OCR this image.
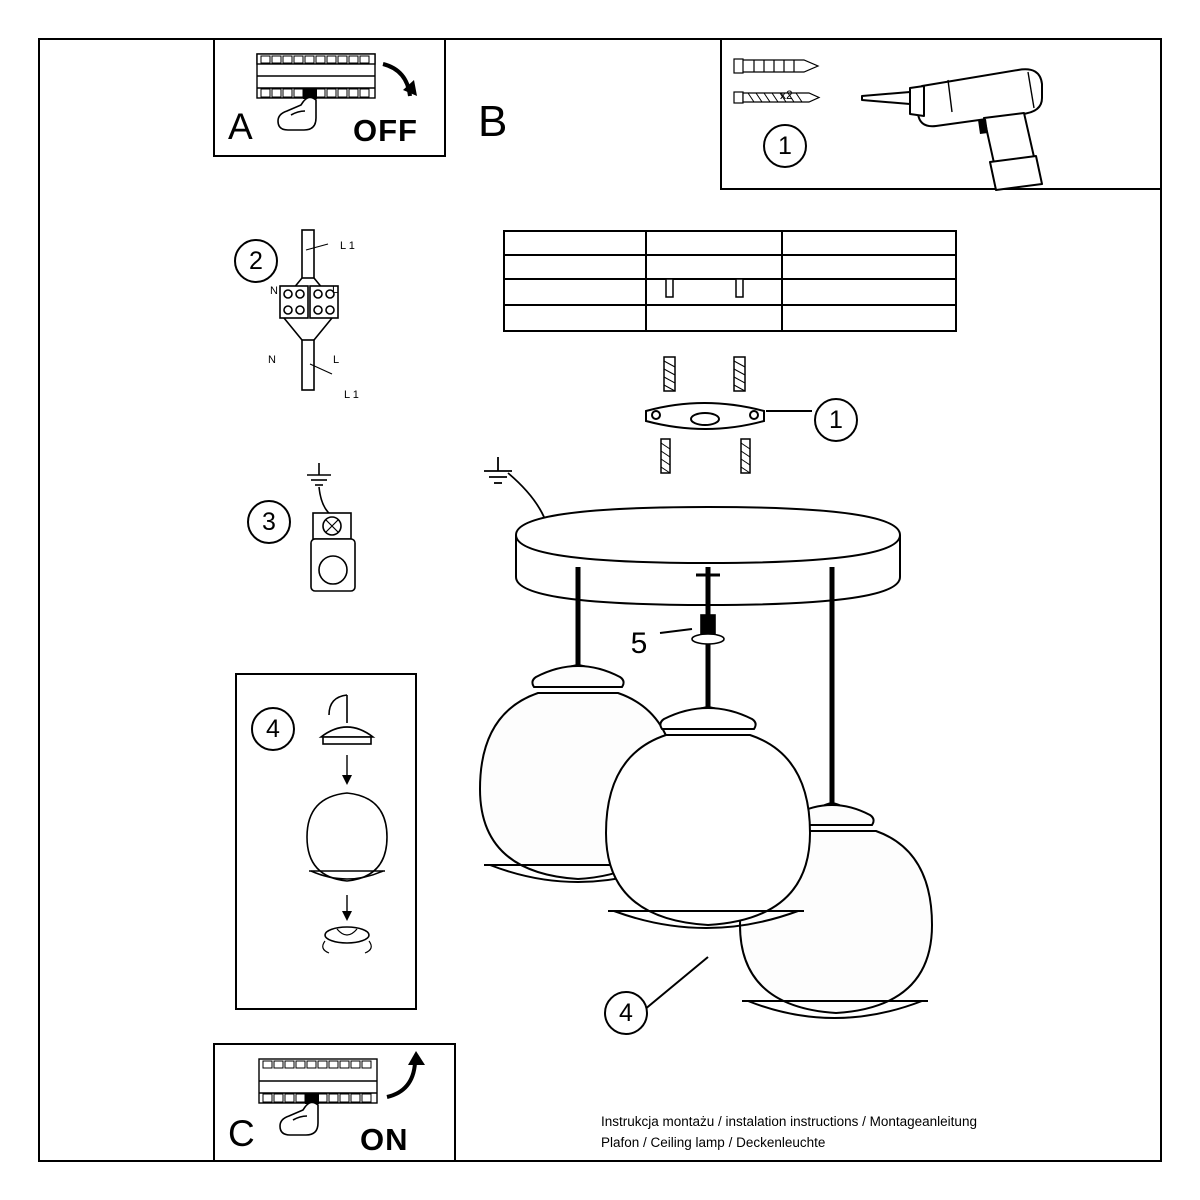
A	OFF B
x2
1
2
L 1
N	L
N	L
L 1
3
4
C	ON
1
5
4
Instrukcja montażu / instalation instructions / Montageanleitung
Plafon / Ceiling lamp / Deckenleuchte
